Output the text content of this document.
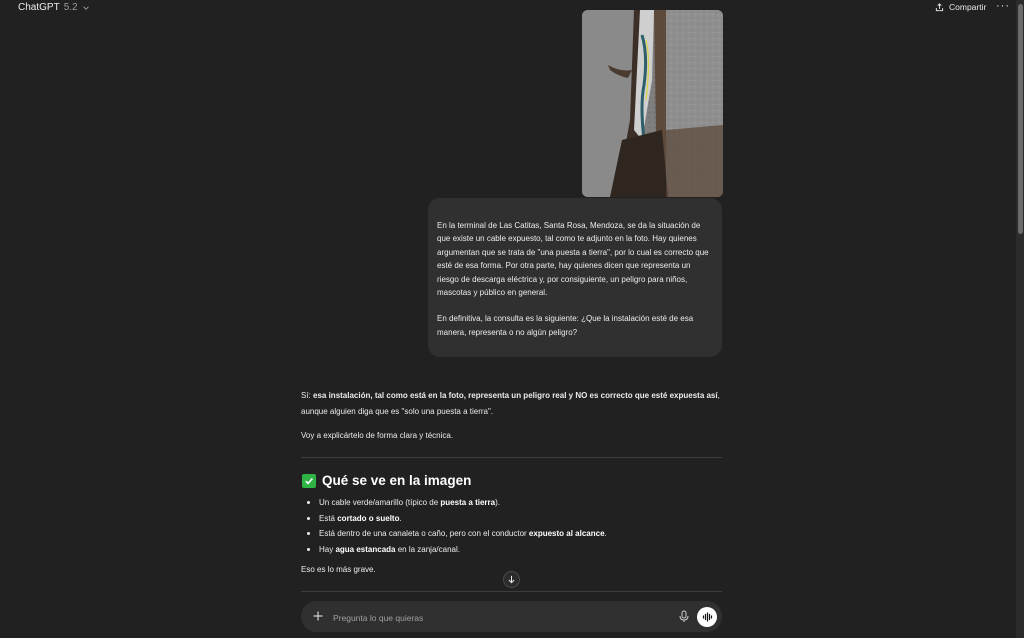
ChatGPT 5.2	Compartir ···

En la terminal de Las Catitas, Santa Rosa, Mendoza, se da la situación de que existe un cable expuesto, tal como te adjunto en la foto. Hay quienes argumentan que se trata de "una puesta a tierra", por lo cual es correcto que esté de esa forma. Por otra parte, hay quienes dicen que representa un riesgo de descarga eléctrica y, por consiguiente, un peligro para niños, mascotas y público en general.

En definitiva, la consulta es la siguiente: ¿Que la instalación esté de esa manera, representa o no algún peligro?

Sí: esa instalación, tal como está en la foto, representa un peligro real y NO es correcto que esté expuesta así, aunque alguien diga que es "solo una puesta a tierra".
Voy a explicártelo de forma clara y técnica.
Qué se ve en la imagen
Un cable verde/amarillo (típico de puesta a tierra).
Está cortado o suelto.
Está dentro de una canaleta o caño, pero con el conductor expuesto al alcance.
Hay agua estancada en la zanja/canal.
Eso es lo más grave.
Pregunta lo que quieras
